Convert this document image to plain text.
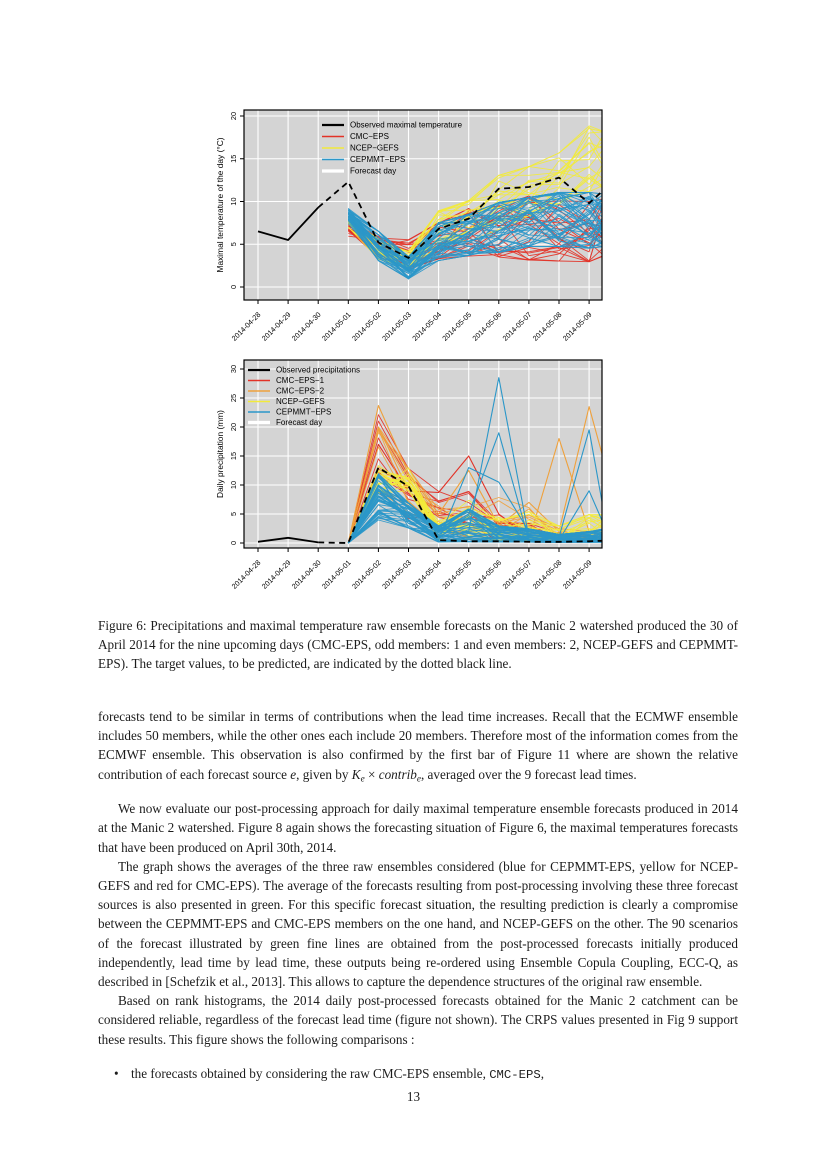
0
5
10
15
20
2014-04-28
2014-04-29
2014-04-30
2014-05-01
2014-05-02
2014-05-03
2014-05-04
2014-05-05
2014-05-06
2014-05-07
2014-05-08
2014-05-09
Maximal temperature of the day (°C)
Observed maximal temperature
CMC−EPS
NCEP−GEFS
CEPMMT−EPS
Forecast day
0
5
10
15
20
25
30
2014-04-28
2014-04-29
2014-04-30
2014-05-01
2014-05-02
2014-05-03
2014-05-04
2014-05-05
2014-05-06
2014-05-07
2014-05-08
2014-05-09
Daily precipitation (mm)
Observed precipitations
CMC−EPS−1
CMC−EPS−2
NCEP−GEFS
CEPMMT−EPS
Forecast day
Figure 6: Precipitations and maximal temperature raw ensemble forecasts on the Manic 2 watershed produced the 30 of April 2014 for the nine upcoming days (CMC-EPS, odd members: 1 and even members: 2, NCEP-GEFS and CEPMMT-EPS). The target values, to be predicted, are indicated by the dotted black line.

forecasts tend to be similar in terms of contributions when the lead time increases. Recall that the ECMWF ensemble includes 50 members, while the other ones each include 20 members. Therefore most of the information comes from the ECMWF ensemble. This observation is also confirmed by the first bar of Figure 11 where are shown the relative contribution of each forecast source e, given by Ke × contribe, averaged over the 9 forecast lead times.

We now evaluate our post-processing approach for daily maximal temperature ensemble forecasts produced in 2014 at the Manic 2 watershed. Figure 8 again shows the forecasting situation of Figure 6, the maximal temperatures forecasts that have been produced on April 30th, 2014.

The graph shows the averages of the three raw ensembles considered (blue for CEPMMT-EPS, yellow for NCEP-GEFS and red for CMC-EPS). The average of the forecasts resulting from post-processing involving these three forecast sources is also presented in green. For this specific forecast situation, the resulting prediction is clearly a compromise between the CEPMMT-EPS and CMC-EPS members on the one hand, and NCEP-GEFS on the other. The 90 scenarios of the forecast illustrated by green fine lines are obtained from the post-processed forecasts initially produced independently, lead time by lead time, these outputs being re-ordered using Ensemble Copula Coupling, ECC-Q, as described in [Schefzik et al., 2013]. This allows to capture the dependence structures of the original raw ensemble.

Based on rank histograms, the 2014 daily post-processed forecasts obtained for the Manic 2 catchment can be considered reliable, regardless of the forecast lead time (figure not shown). The CRPS values presented in Fig 9 support these results. This figure shows the following comparisons :

• the forecasts obtained by considering the raw CMC-EPS ensemble, CMC-EPS,
13
